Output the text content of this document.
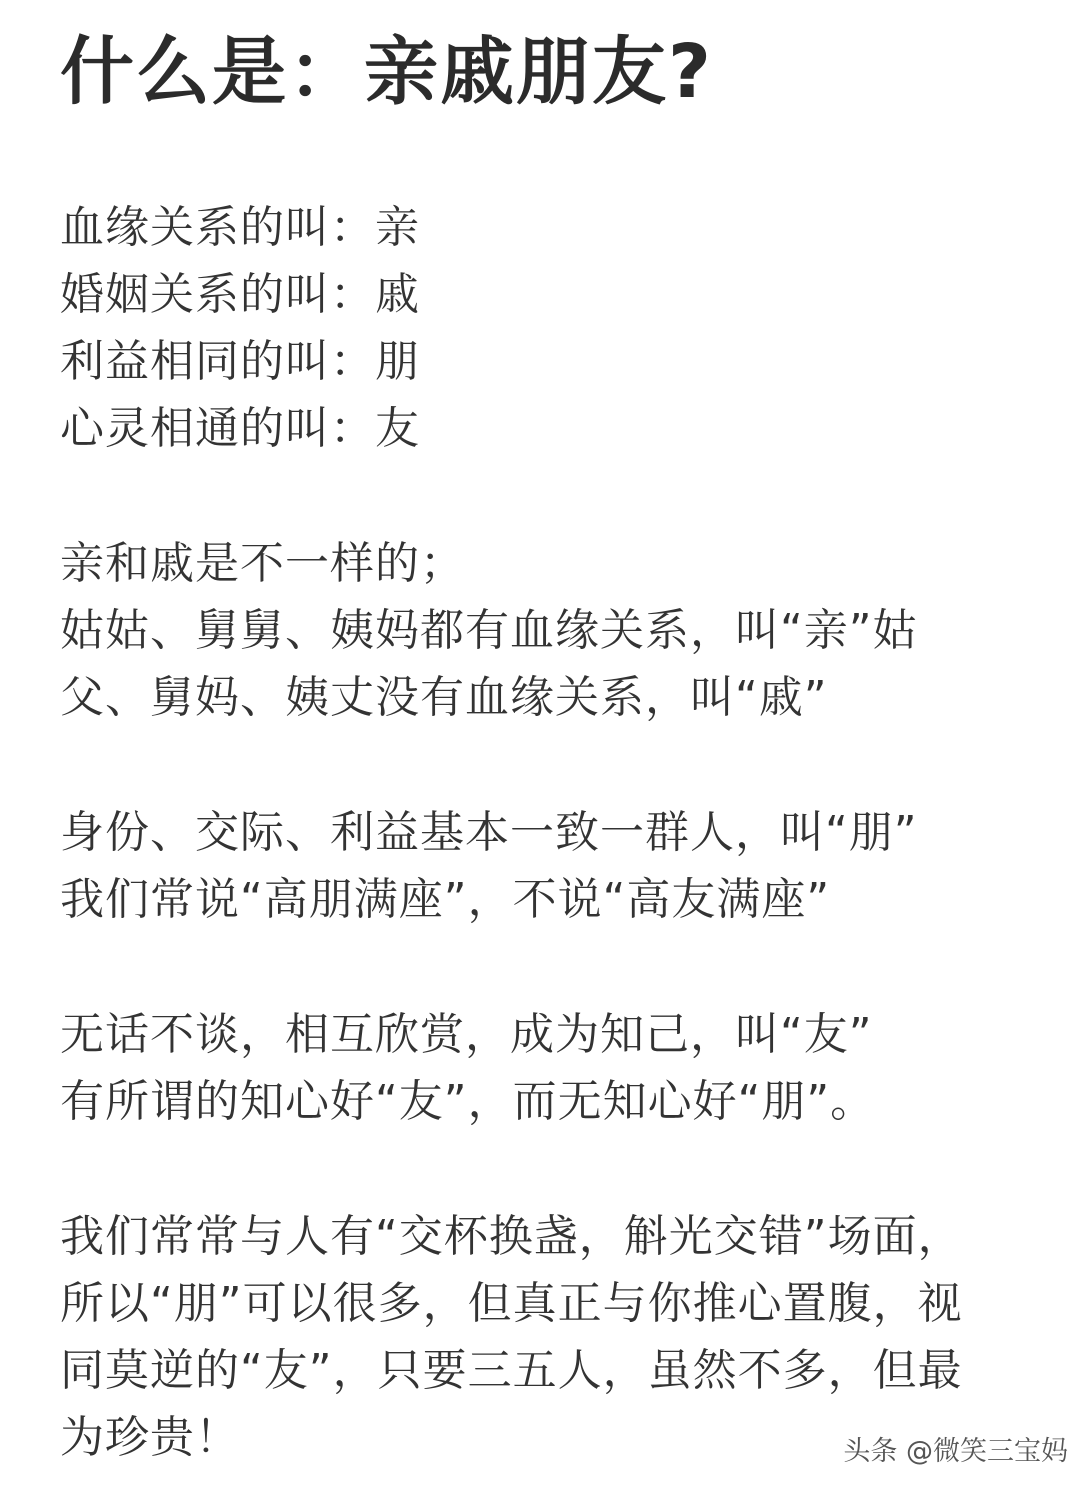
什么是：亲戚朋友?
血缘关系的叫：亲
婚姻关系的叫：戚
利益相同的叫：朋
心灵相通的叫：友
亲和戚是不一样的；
姑姑、舅舅、姨妈都有血缘关系，叫“亲”姑
父、舅妈、姨丈没有血缘关系，叫“戚”
身份、交际、利益基本一致一群人，叫“朋”
我们常说“高朋满座”，不说“高友满座”
无话不谈，相互欣赏，成为知己，叫“友”
有所谓的知心好“友”，而无知心好“朋”。
我们常常与人有“交杯换盏，斛光交错”场面，
所以“朋”可以很多，但真正与你推心置腹，视
同莫逆的“友”，只要三五人，虽然不多，但最
为珍贵！	头条 @微笑三宝妈
